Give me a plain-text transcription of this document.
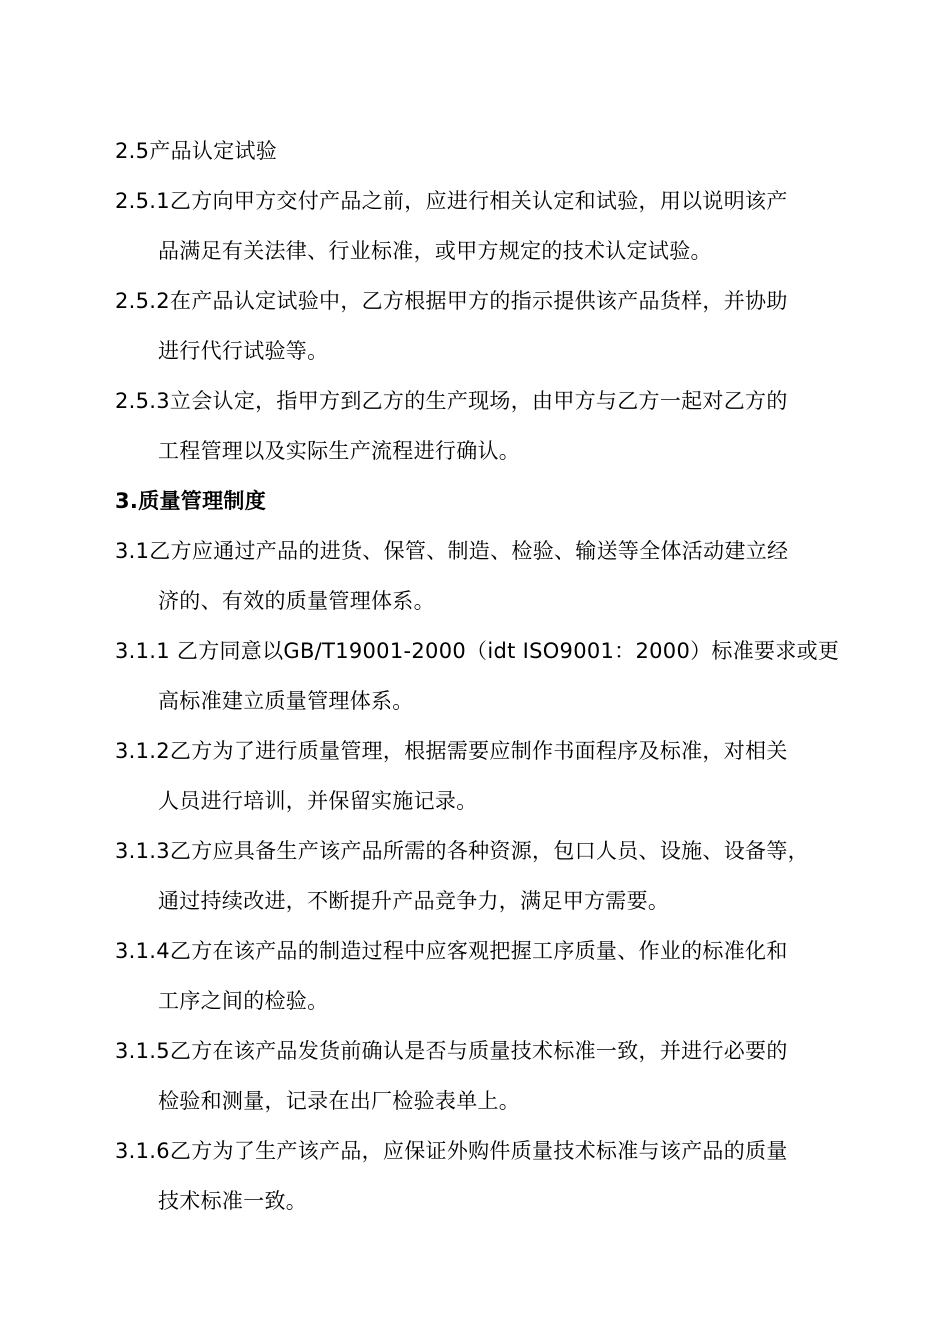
2.5产品认定试验
2.5.1乙方向甲方交付产品之前，应进行相关认定和试验，用以说明该产
品满足有关法律、行业标准，或甲方规定的技术认定试验。
2.5.2在产品认定试验中，乙方根据甲方的指示提供该产品货样，并协助
进行代行试验等。
2.5.3立会认定，指甲方到乙方的生产现场，由甲方与乙方一起对乙方的
工程管理以及实际生产流程进行确认。
3.质量管理制度
3.1乙方应通过产品的进货、保管、制造、检验、输送等全体活动建立经
济的、有效的质量管理体系。
3.1.1 乙方同意以GB/T19001-2000（idt ISO9001：2000）标准要求或更
高标准建立质量管理体系。
3.1.2乙方为了进行质量管理，根据需要应制作书面程序及标准，对相关
人员进行培训，并保留实施记录。
3.1.3乙方应具备生产该产品所需的各种资源，包口人员、设施、设备等，
通过持续改进，不断提升产品竞争力，满足甲方需要。
3.1.4乙方在该产品的制造过程中应客观把握工序质量、作业的标准化和
工序之间的检验。
3.1.5乙方在该产品发货前确认是否与质量技术标准一致，并进行必要的
检验和测量，记录在出厂检验表单上。
3.1.6乙方为了生产该产品，应保证外购件质量技术标准与该产品的质量
技术标准一致。
